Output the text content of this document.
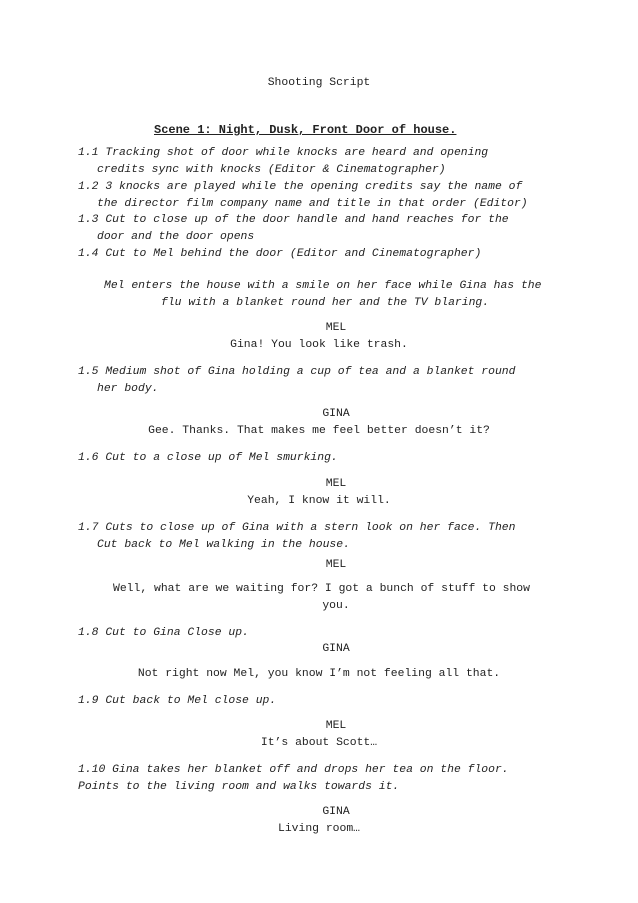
Shooting Script
Scene 1: Night, Dusk, Front Door of house.
1.1 Tracking shot of door while knocks are heard and opening
credits sync with knocks (Editor & Cinematographer)
1.2 3 knocks are played while the opening credits say the name of
the director film company name and title in that order (Editor)
1.3 Cut to close up of the door handle and hand reaches for the
door and the door opens
1.4 Cut to Mel behind the door (Editor and Cinematographer)
Mel enters the house with a smile on her face while Gina has the
flu with a blanket round her and the TV blaring.
MEL
Gina! You look like trash.
1.5 Medium shot of Gina holding a cup of tea and a blanket round
her body.
GINA
Gee. Thanks. That makes me feel better doesn’t it?
1.6 Cut to a close up of Mel smurking.
MEL
Yeah, I know it will.
1.7 Cuts to close up of Gina with a stern look on her face. Then
Cut back to Mel walking in the house.
MEL
Well, what are we waiting for? I got a bunch of stuff to show
you.
1.8 Cut to Gina Close up.
GINA
Not right now Mel, you know I’m not feeling all that.
1.9 Cut back to Mel close up.
MEL
It’s about Scott…
1.10 Gina takes her blanket off and drops her tea on the floor.
Points to the living room and walks towards it.
GINA
Living room…
